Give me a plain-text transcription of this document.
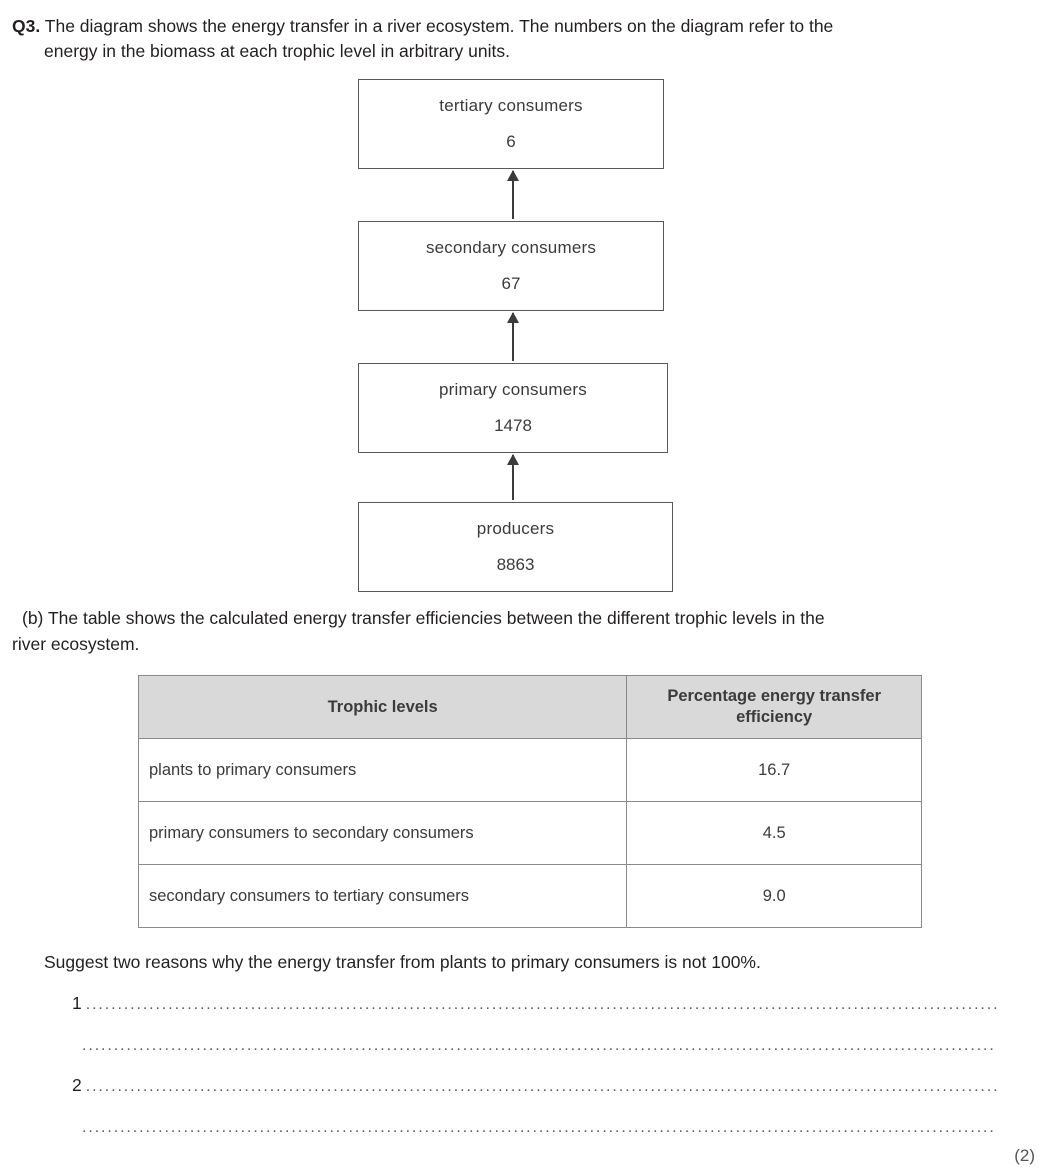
Q3. The diagram shows the energy transfer in a river ecosystem. The numbers on the diagram refer to the
energy in the biomass at each trophic level in arbitrary units.
tertiary consumers
6
secondary consumers
67
primary consumers
1478
producers
8863
(b) The table shows the calculated energy transfer efficiencies between the different trophic levels in the
river ecosystem.
Trophic levels	Percentage energy transfer efficiency
plants to primary consumers	16.7
primary consumers to secondary consumers	4.5
secondary consumers to tertiary consumers	9.0
Suggest two reasons why the energy transfer from plants to primary consumers is not 100%.
1 ................................................................................................................................................
................................................................................................................................................
2 ................................................................................................................................................
................................................................................................................................................
(2)
